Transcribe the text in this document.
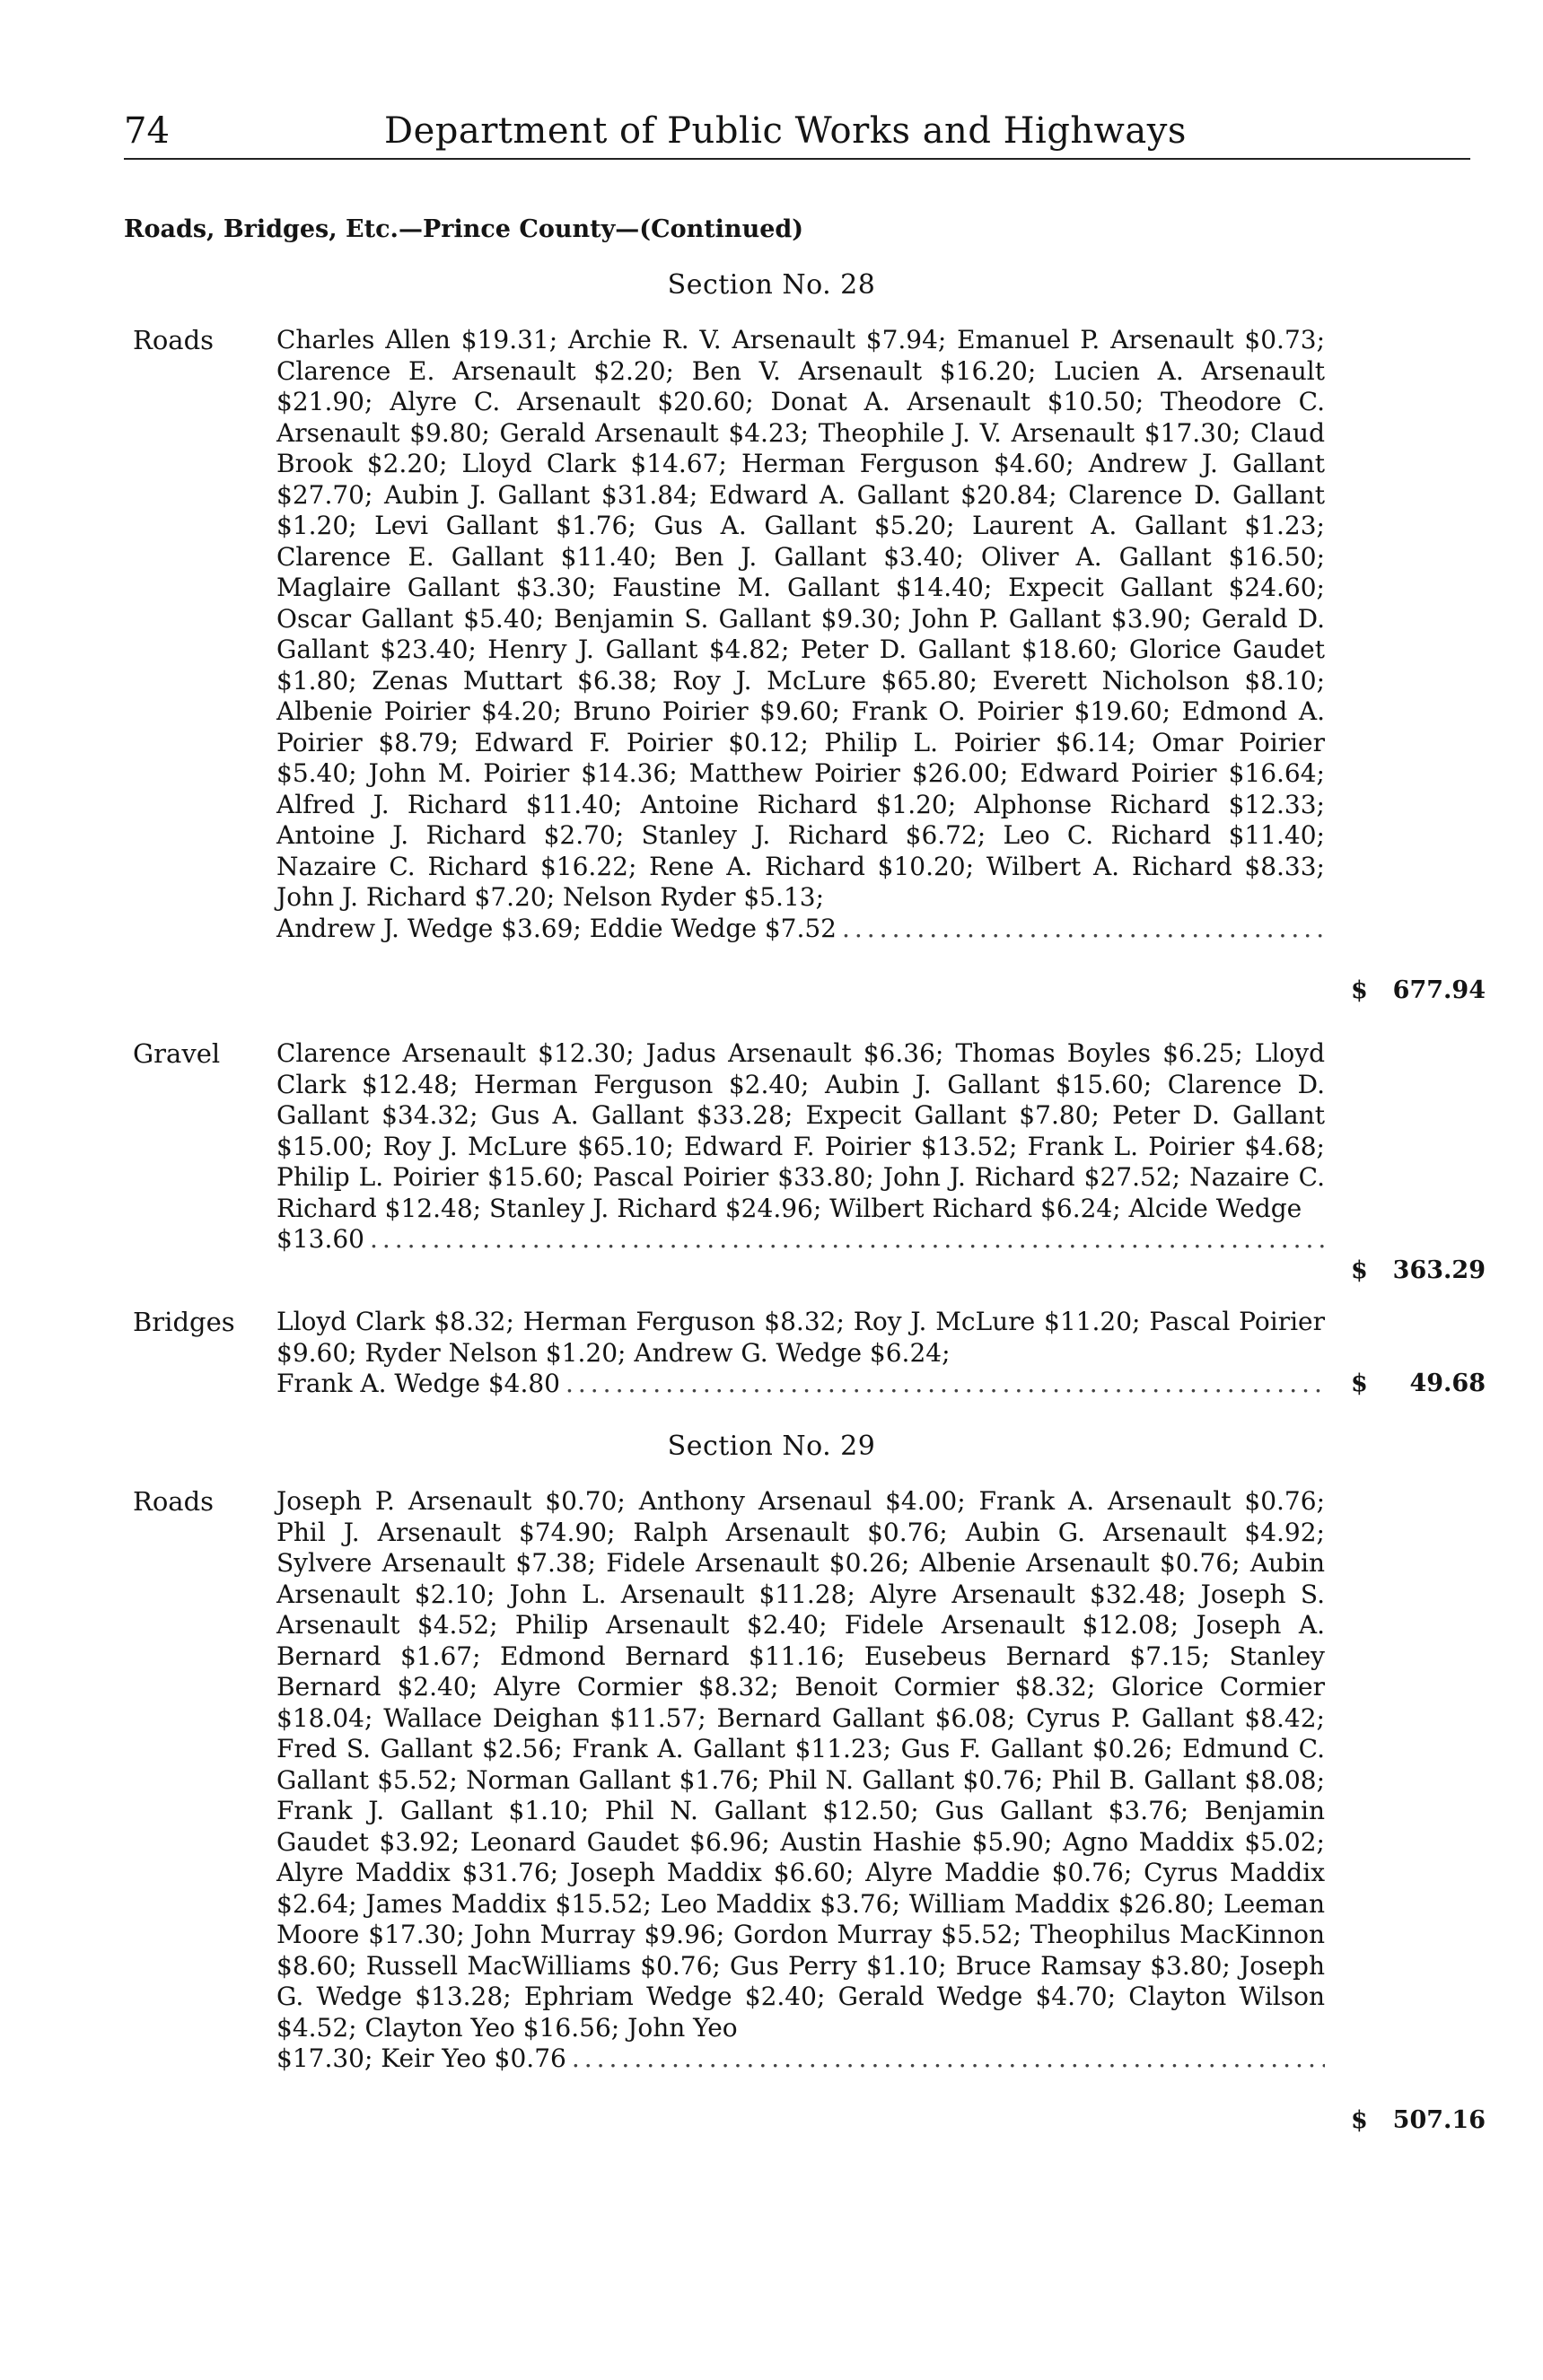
74	Department of Public Works and Highways
Roads, Bridges, Etc.—Prince County—(Continued)
Section No. 28
Roads Charles Allen $19.31; Archie R. V. Arsenault $7.94; Emanuel P. Arsenault $0.73; Clarence E. Arsenault $2.20; Ben V. Arsenault $16.20; Lucien A. Arsenault $21.90; Alyre C. Arsenault $20.60; Donat A. Arsenault $10.50; Theodore C. Arsenault $9.80; Gerald Arsenault $4.23; Theophile J. V. Arsenault $17.30; Claud Brook $2.20; Lloyd Clark $14.67; Herman Ferguson $4.60; Andrew J. Gallant $27.70; Aubin J. Gallant $31.84; Edward A. Gallant $20.84; Clarence D. Gallant $1.20; Levi Gallant $1.76; Gus A. Gallant $5.20; Laurent A. Gallant $1.23; Clarence E. Gallant $11.40; Ben J. Gallant $3.40; Oliver A. Gallant $16.50; Maglaire Gallant $3.30; Faustine M. Gallant $14.40; Expecit Gallant $24.60; Oscar Gallant $5.40; Benjamin S. Gallant $9.30; John P. Gallant $3.90; Gerald D. Gallant $23.40; Henry J. Gallant $4.82; Peter D. Gallant $18.60; Glorice Gaudet $1.80; Zenas Muttart $6.38; Roy J. McLure $65.80; Everett Nicholson $8.10; Albenie Poirier $4.20; Bruno Poirier $9.60; Frank O. Poirier $19.60; Edmond A. Poirier $8.79; Edward F. Poirier $0.12; Philip L. Poirier $6.14; Omar Poirier $5.40; John M. Poirier $14.36; Matthew Poirier $26.00; Edward Poirier $16.64; Alfred J. Richard $11.40; Antoine Richard $1.20; Alphonse Richard $12.33; Antoine J. Richard $2.70; Stanley J. Richard $6.72; Leo C. Richard $11.40; Nazaire C. Richard $16.22; Rene A. Richard $10.20; Wilbert A. Richard $8.33; John J. Richard $7.20; Nelson Ryder $5.13;
Andrew J. Wedge $3.69; Eddie Wedge $7.52
.....
$ 677.94
Gravel Clarence Arsenault $12.30; Jadus Arsenault $6.36; Thomas Boyles $6.25; Lloyd Clark $12.48; Herman Ferguson $2.40; Aubin J. Gallant $15.60; Clarence D. Gallant $34.32; Gus A. Gallant $33.28; Expecit Gallant $7.80; Peter D. Gallant $15.00; Roy J. McLure $65.10; Edward F. Poirier $13.52; Frank L. Poirier $4.68; Philip L. Poirier $15.60; Pascal Poirier $33.80; John J. Richard $27.52; Nazaire C. Richard $12.48; Stanley J. Richard $24.96; Wilbert Richard $6.24; Alcide Wedge
$13.60
.....
$ 363.29
Bridges Lloyd Clark $8.32; Herman Ferguson $8.32; Roy J. McLure $11.20; Pascal Poirier $9.60; Ryder Nelson $1.20; Andrew G. Wedge $6.24;
Frank A. Wedge $4.80
.....	$ 49.68
Section No. 29
Roads Joseph P. Arsenault $0.70; Anthony Arsenaul $4.00; Frank A. Arsenault $0.76; Phil J. Arsenault $74.90; Ralph Arsenault $0.76; Aubin G. Arsenault $4.92; Sylvere Arsenault $7.38; Fidele Arsenault $0.26; Albenie Arsenault $0.76; Aubin Arsenault $2.10; John L. Arsenault $11.28; Alyre Arsenault $32.48; Joseph S. Arsenault $4.52; Philip Arsenault $2.40; Fidele Arsenault $12.08; Joseph A. Bernard $1.67; Edmond Bernard $11.16; Eusebeus Bernard $7.15; Stanley Bernard $2.40; Alyre Cormier $8.32; Benoit Cormier $8.32; Glorice Cormier $18.04; Wallace Deighan $11.57; Bernard Gallant $6.08; Cyrus P. Gallant $8.42; Fred S. Gallant $2.56; Frank A. Gallant $11.23; Gus F. Gallant $0.26; Edmund C. Gallant $5.52; Norman Gallant $1.76; Phil N. Gallant $0.76; Phil B. Gallant $8.08; Frank J. Gallant $1.10; Phil N. Gallant $12.50; Gus Gallant $3.76; Benjamin Gaudet $3.92; Leonard Gaudet $6.96; Austin Hashie $5.90; Agno Maddix $5.02; Alyre Maddix $31.76; Joseph Maddix $6.60; Alyre Maddie $0.76; Cyrus Maddix $2.64; James Maddix $15.52; Leo Maddix $3.76; William Maddix $26.80; Leeman Moore $17.30; John Murray $9.96; Gordon Murray $5.52; Theophilus MacKinnon $8.60; Russell MacWilliams $0.76; Gus Perry $1.10; Bruce Ramsay $3.80; Joseph G. Wedge $13.28; Ephriam Wedge $2.40; Gerald Wedge $4.70; Clayton Wilson $4.52; Clayton Yeo $16.56; John Yeo
$17.30; Keir Yeo $0.76
.....
$ 507.16
